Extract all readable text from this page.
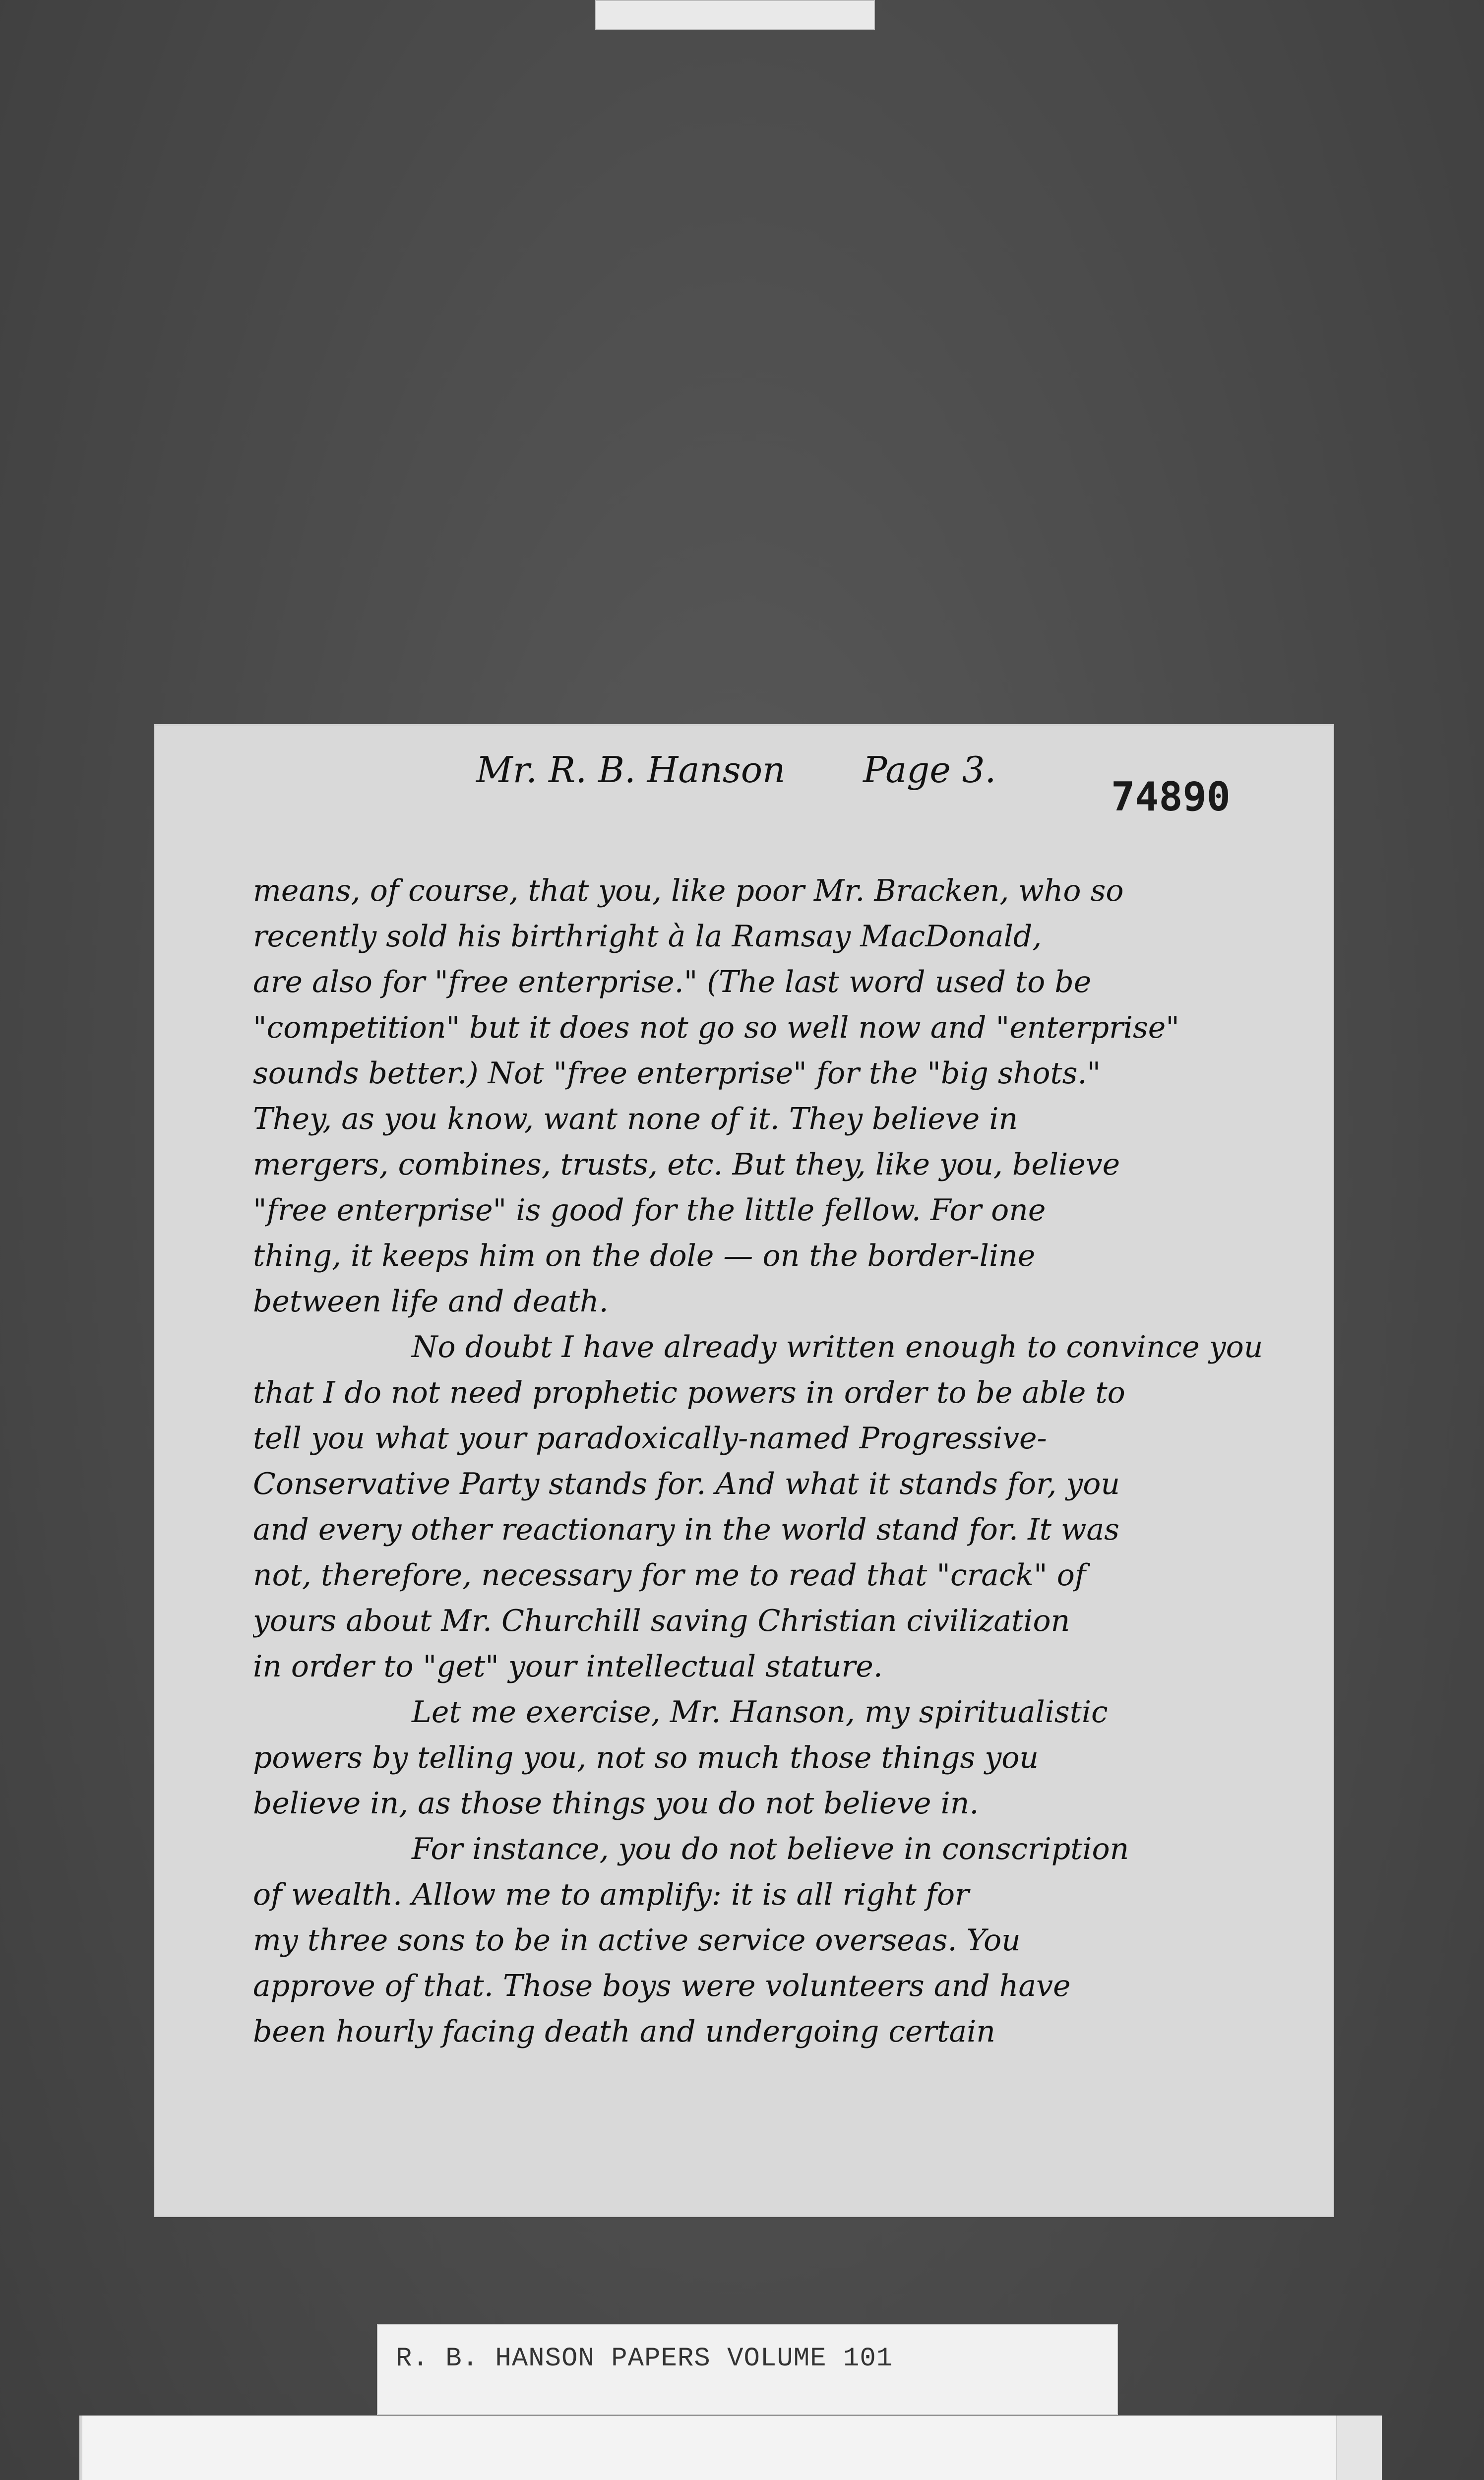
Mr. R. B. Hanson Page 3.
74890
means, of course, that you, like poor Mr. Bracken, who so
recently sold his birthright à la Ramsay MacDonald,
are also for "free enterprise." (The last word used to be
"competition" but it does not go so well now and "enterprise"
sounds better.) Not "free enterprise" for the "big shots."
They, as you know, want none of it. They believe in
mergers, combines, trusts, etc. But they, like you, believe
"free enterprise" is good for the little fellow. For one
thing, it keeps him on the dole — on the border-line
between life and death.
No doubt I have already written enough to convince you
that I do not need prophetic powers in order to be able to
tell you what your paradoxically-named Progressive-
Conservative Party stands for. And what it stands for, you
and every other reactionary in the world stand for. It was
not, therefore, necessary for me to read that "crack" of
yours about Mr. Churchill saving Christian civilization
in order to "get" your intellectual stature.
Let me exercise, Mr. Hanson, my spiritualistic
powers by telling you, not so much those things you
believe in, as those things you do not believe in.
For instance, you do not believe in conscription
of wealth. Allow me to amplify: it is all right for
my three sons to be in active service overseas. You
approve of that. Those boys were volunteers and have
been hourly facing death and undergoing certain
R. B. HANSON PAPERS VOLUME 101
